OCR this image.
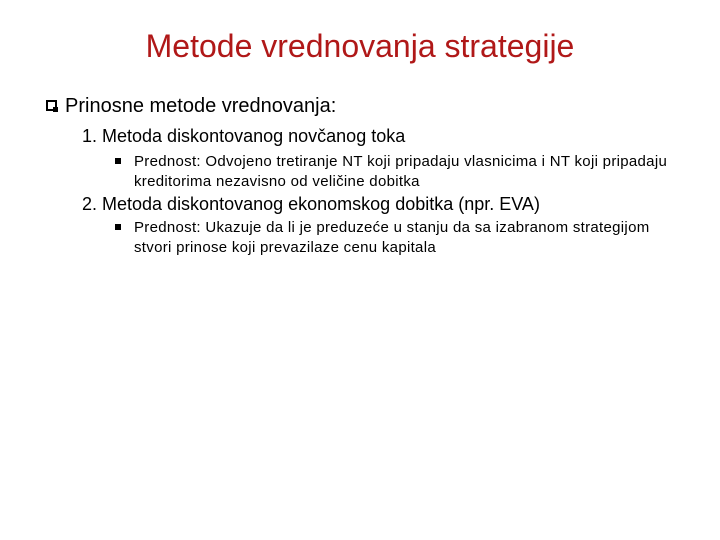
Metode vrednovanja strategije
Prinosne metode vrednovanja:
1. Metoda diskontovanog novčanog toka
Prednost: Odvojeno tretiranje NT koji pripadaju vlasnicima i NT koji pripadaju kreditorima nezavisno od veličine dobitka
2. Metoda diskontovanog ekonomskog dobitka (npr. EVA)
Prednost: Ukazuje da li je preduzeće u stanju da sa izabranom strategijom stvori prinose koji prevazilaze cenu kapitala
